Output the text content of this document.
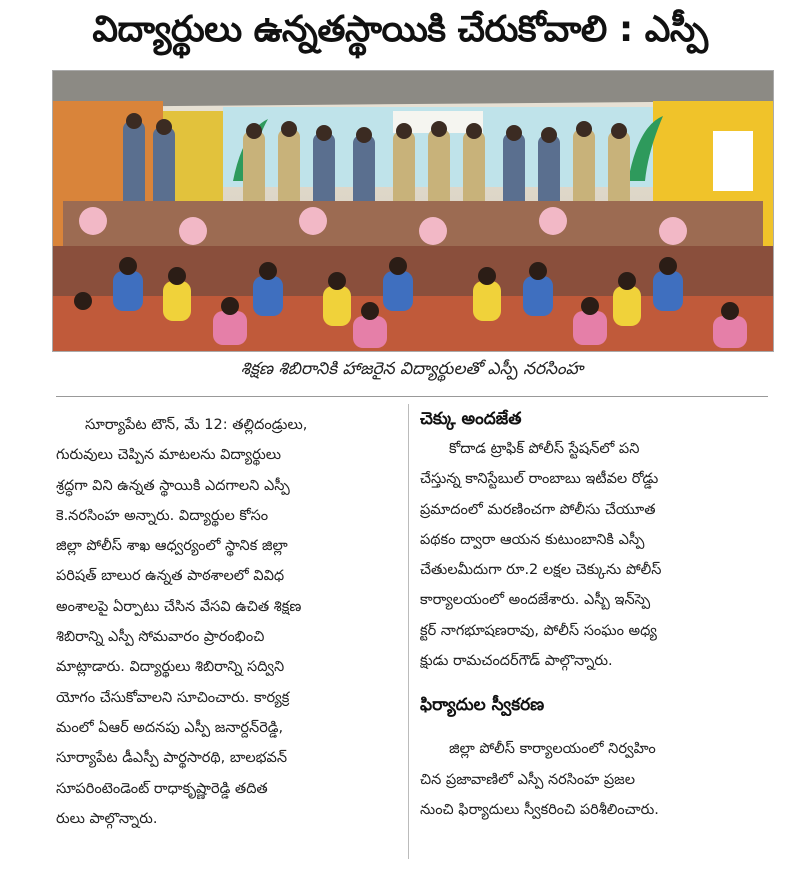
విద్యార్థులు ఉన్నతస్థాయికి చేరుకోవాలి : ఎస్పీ
శిక్షణ శిబిరానికి హాజరైన విద్యార్థులతో ఎస్పీ నరసింహ

సూర్యాపేట టౌన్‌, మే 12: తల్లిదండ్రులు,
గురువులు చెప్పిన మాటలను విద్యార్థులు
శ్రద్ధగా విని ఉన్నత స్థాయికి ఎదగాలని ఎస్పీ
కె.నరసింహ అన్నారు. విద్యార్థుల కోసం
జిల్లా పోలీస్‌ శాఖ ఆధ్వర్యంలో స్థానిక జిల్లా
పరిషత్‌ బాలుర ఉన్నత పాఠశాలలో వివిధ
అంశాలపై ఏర్పాటు చేసిన వేసవి ఉచిత శిక్షణ
శిబిరాన్ని ఎస్పీ సోమవారం ప్రారంభించి
మాట్లాడారు. విద్యార్థులు శిబిరాన్ని సద్విని
యోగం చేసుకోవాలని సూచించారు. కార్యక్ర
మంలో ఏఆర్‌ అదనపు ఎస్పీ జనార్దన్‌రెడ్డి,
సూర్యాపేట డీఎస్పీ పార్థసారథి, బాలభవన్‌
సూపరింటెండెంట్‌ రాధాకృష్ణారెడ్డి తదిత
రులు పాల్గొన్నారు.

చెక్కు అందజేత

కోదాడ ట్రాఫిక్‌ పోలీస్‌ స్టేషన్‌లో పని
చేస్తున్న కానిస్టేబుల్‌ రాంబాబు ఇటీవల రోడ్డు
ప్రమాదంలో మరణించగా పోలీసు చేయూత
పథకం ద్వారా ఆయన కుటుంబానికి ఎస్పీ
చేతులమీదుగా రూ.2 లక్షల చెక్కును పోలీస్‌
కార్యాలయంలో అందజేశారు. ఎస్బీ ఇన్‌స్పె
క్టర్‌ నాగభూషణరావు, పోలీస్‌ సంఘం అధ్య
క్షుడు రామచందర్‌గౌడ్‌ పాల్గొన్నారు.

ఫిర్యాదుల స్వీకరణ

జిల్లా పోలీస్‌ కార్యాలయంలో నిర్వహిం
చిన ప్రజావాణిలో ఎస్పీ నరసింహ ప్రజల
నుంచి ఫిర్యాదులు స్వీకరించి పరిశీలించారు.
